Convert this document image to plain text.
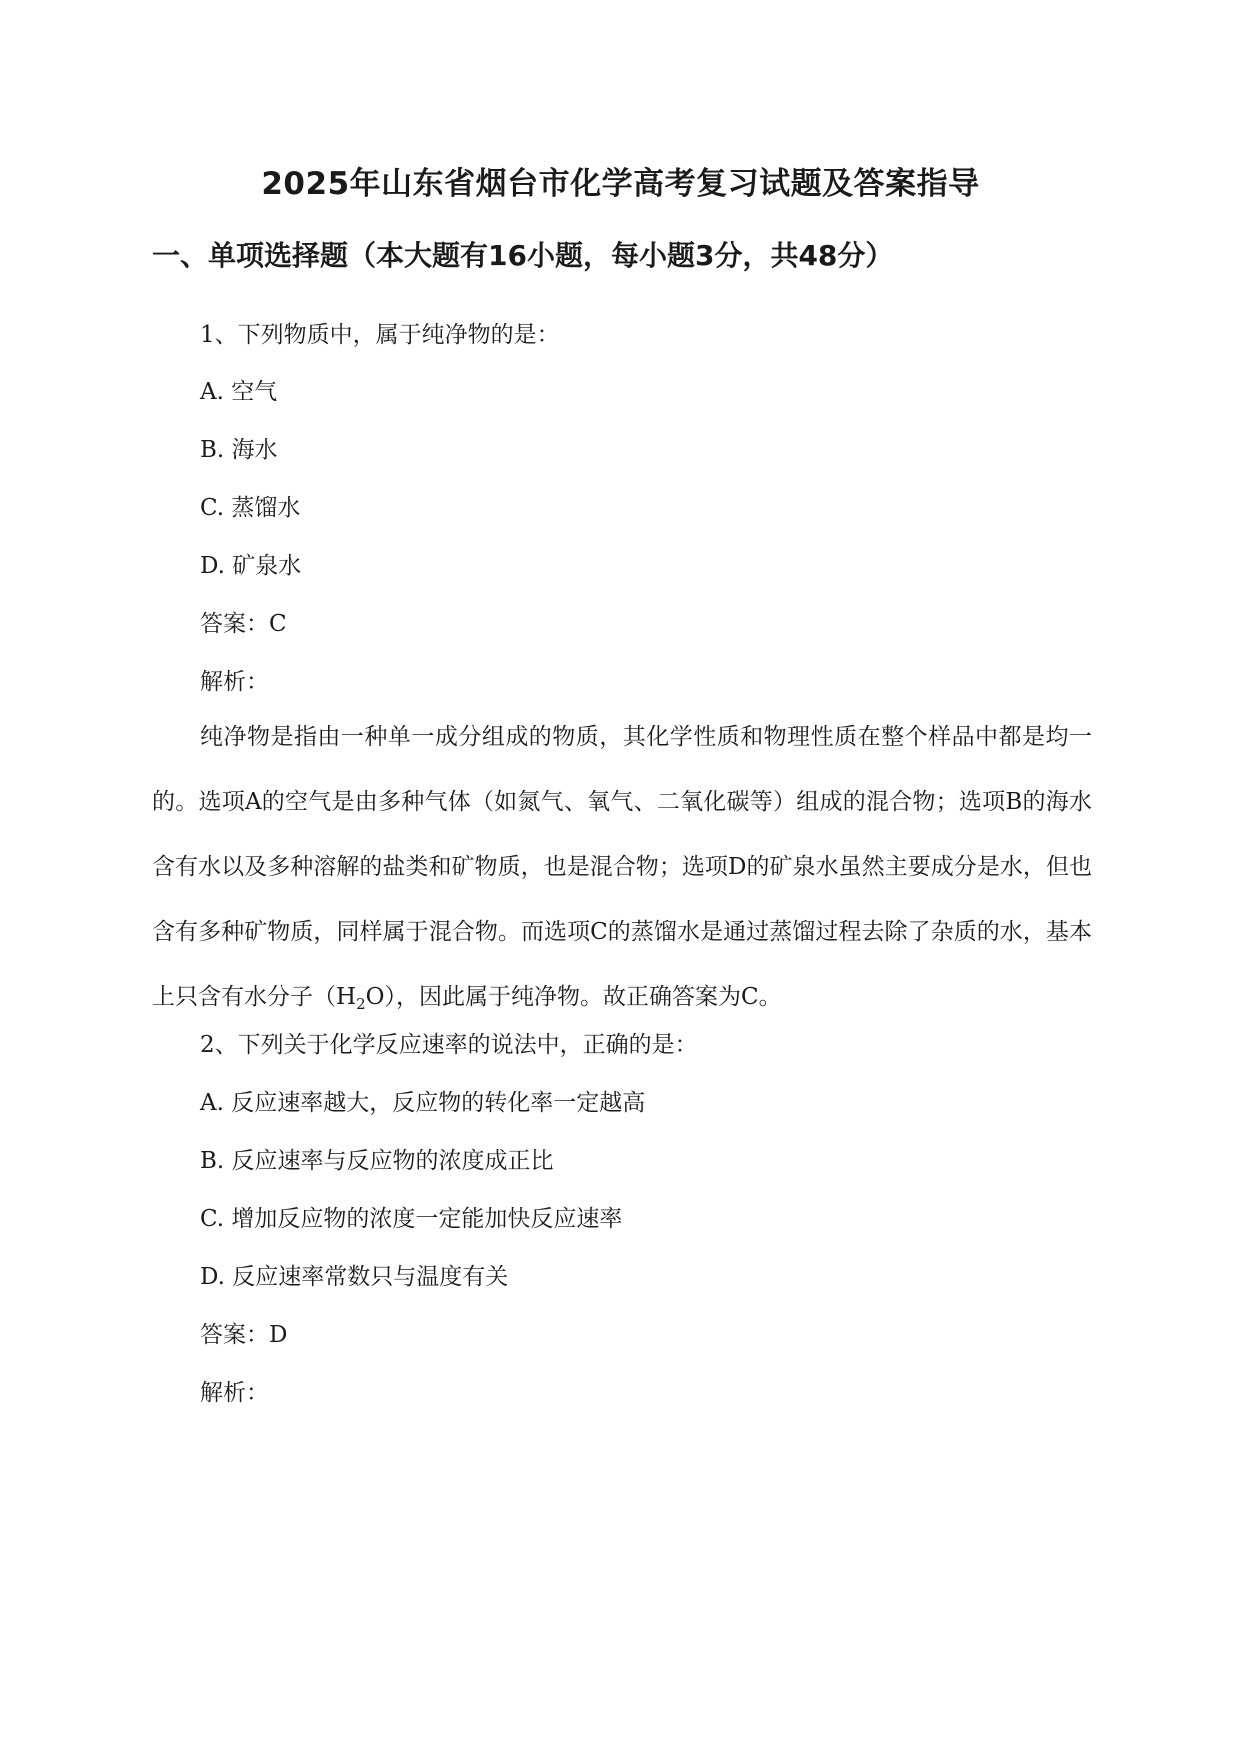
2025年山东省烟台市化学高考复习试题及答案指导
一、单项选择题（本大题有16小题，每小题3分，共48分）

1、下列物质中，属于纯净物的是：

A. 空气

B. 海水

C. 蒸馏水

D. 矿泉水

答案：C

解析：

纯净物是指由一种单一成分组成的物质，其化学性质和物理性质在整个样品中都是均一的。选项A的空气是由多种气体（如氮气、氧气、二氧化碳等）组成的混合物；选项B的海水含有水以及多种溶解的盐类和矿物质，也是混合物；选项D的矿泉水虽然主要成分是水，但也含有多种矿物质，同样属于混合物。而选项C的蒸馏水是通过蒸馏过程去除了杂质的水，基本上只含有水分子$(H_2O)$，因此属于纯净物。故正确答案为C。

2、下列关于化学反应速率的说法中，正确的是：

A. 反应速率越大，反应物的转化率一定越高

B. 反应速率与反应物的浓度成正比

C. 增加反应物的浓度一定能加快反应速率

D. 反应速率常数只与温度有关

答案：D

解析：
